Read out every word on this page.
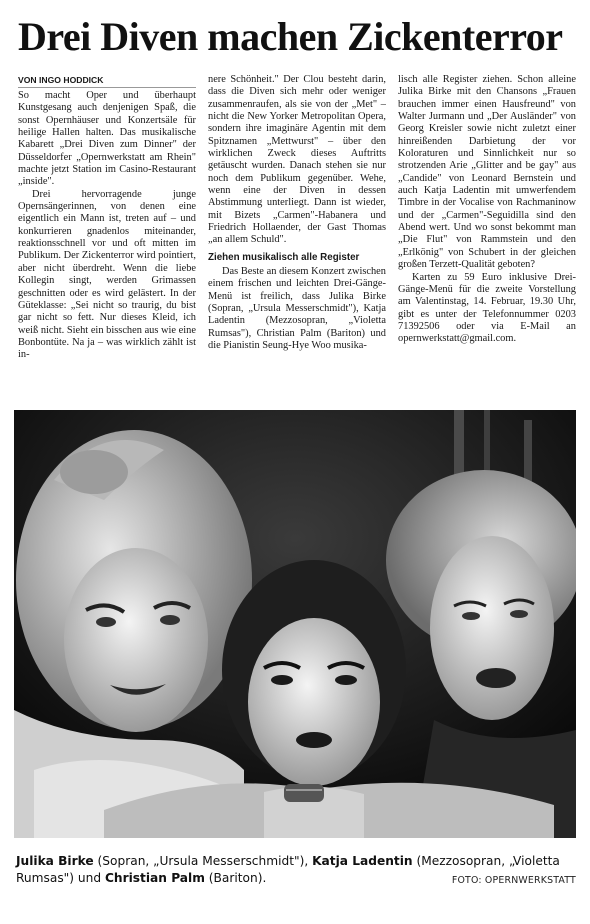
Drei Diven machen Zickenterror
VON INGO HODDICK

So macht Oper und überhaupt Kunstgesang auch denjenigen Spaß, die sonst Opernhäuser und Konzertsäle für heilige Hallen halten. Das musikalische Kabarett „Drei Diven zum Dinner" der Düsseldorfer „Opernwerkstatt am Rhein" machte jetzt Station im Casino-Restaurant „inside".

Drei hervorragende junge Opernsängerinnen, von denen eine eigentlich ein Mann ist, treten auf – und konkurrieren gnadenlos miteinander, reaktionsschnell vor und oft mitten im Publikum. Der Zickenterror wird pointiert, aber nicht überdreht. Wenn die liebe Kollegin singt, werden Grimassen geschnitten oder es wird gelästert. In der Güteklasse: „Sei nicht so traurig, du bist gar nicht so fett. Nur dieses Kleid, ich weiß nicht. Sieht ein bisschen aus wie eine Bonbontüte. Na ja – was wirklich zählt ist in-

nere Schönheit." Der Clou besteht darin, dass die Diven sich mehr oder weniger zusammenraufen, als sie von der „Met" – nicht die New Yorker Metropolitan Opera, sondern ihre imaginäre Agentin mit dem Spitznamen „Mettwurst" – über den wirklichen Zweck dieses Auftritts getäuscht wurden. Danach stehen sie nur noch dem Publikum gegenüber. Wehe, wenn eine der Diven in dessen Abstimmung unterliegt. Dann ist wieder, mit Bizets „Carmen"-Habanera und Friedrich Hollaender, der Gast Thomas „an allem Schuld".

Ziehen musikalisch alle Register

Das Beste an diesem Konzert zwischen einem frischen und leichten Drei-Gänge-Menü ist freilich, dass Julika Birke (Sopran, „Ursula Messerschmidt"), Katja Ladentin (Mezzosopran, „Violetta Rumsas"), Christian Palm (Bariton) und die Pianistin Seung-Hye Woo musika-

lisch alle Register ziehen. Schon alleine Julika Birke mit den Chansons „Frauen brauchen immer einen Hausfreund" von Walter Jurmann und „Der Ausländer" von Georg Kreisler sowie nicht zuletzt einer hinreißenden Darbietung der vor Koloraturen und Sinnlichkeit nur so strotzenden Arie „Glitter and be gay" aus „Candide" von Leonard Bernstein und auch Katja Ladentin mit umwerfendem Timbre in der Vocalise von Rachmaninow und der „Carmen"-Seguidilla sind den Abend wert. Und wo sonst bekommt man „Die Flut" von Rammstein und den „Erlkönig" von Schubert in der gleichen großen Terzett-Qualität geboten?

Karten zu 59 Euro inklusive Drei-Gänge-Menü für die zweite Vorstellung am Valentinstag, 14. Februar, 19.30 Uhr, gibt es unter der Telefonnummer 0203 71392506 oder via E-Mail an opernwerkstatt@gmail.com.

Julika Birke (Sopran, „Ursula Messerschmidt"), Katja Ladentin (Mezzosopran, „Violetta Rumsas") und Christian Palm (Bariton).	FOTO: OPERNWERKSTATT
